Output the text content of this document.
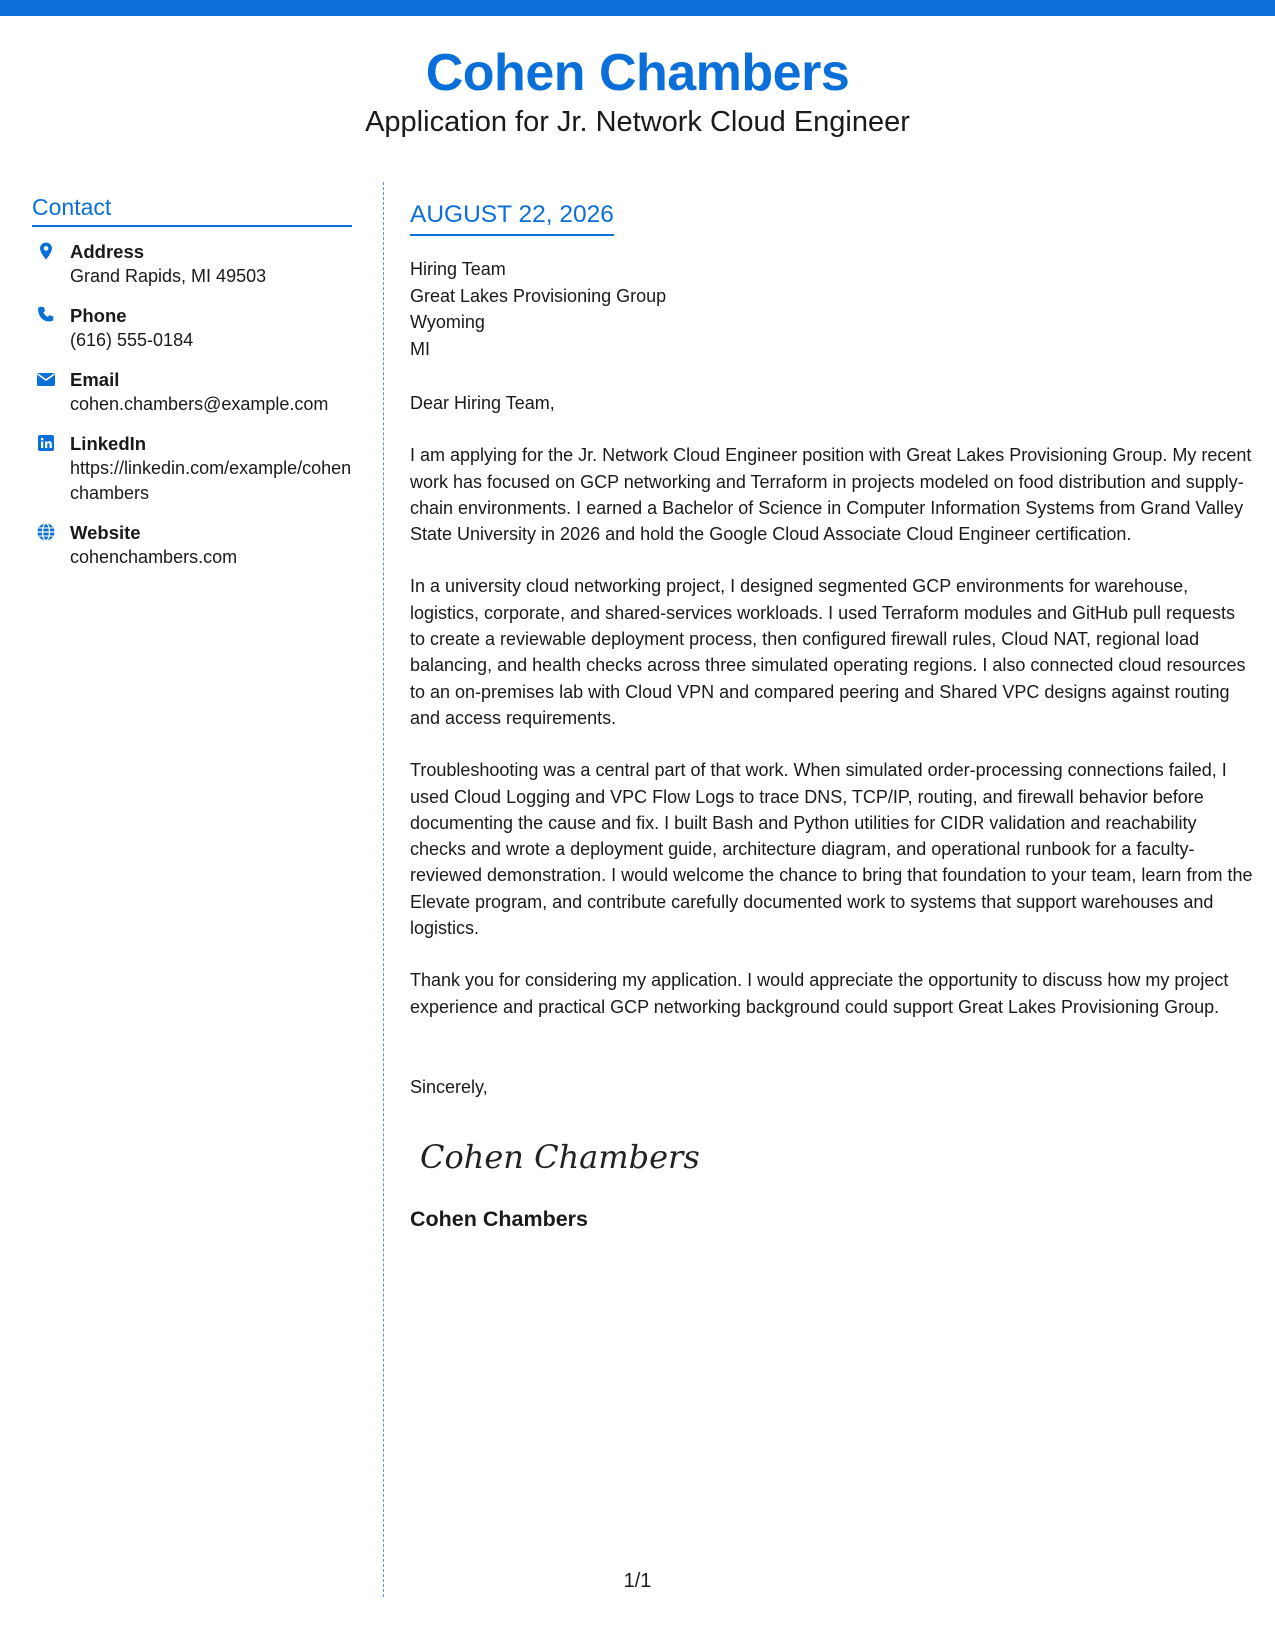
Cohen Chambers
Application for Jr. Network Cloud Engineer
Contact
Address
Grand Rapids, MI 49503
Phone
(616) 555-0184
Email
cohen.chambers@example.com
LinkedIn
https://linkedin.com/example/cohenchambers
Website
cohenchambers.com
AUGUST 22, 2026
Hiring Team
Great Lakes Provisioning Group
Wyoming
MI
Dear Hiring Team,
I am applying for the Jr. Network Cloud Engineer position with Great Lakes Provisioning Group. My recent work has focused on GCP networking and Terraform in projects modeled on food distribution and supply-chain environments. I earned a Bachelor of Science in Computer Information Systems from Grand Valley State University in 2026 and hold the Google Cloud Associate Cloud Engineer certification.
In a university cloud networking project, I designed segmented GCP environments for warehouse, logistics, corporate, and shared-services workloads. I used Terraform modules and GitHub pull requests to create a reviewable deployment process, then configured firewall rules, Cloud NAT, regional load balancing, and health checks across three simulated operating regions. I also connected cloud resources to an on-premises lab with Cloud VPN and compared peering and Shared VPC designs against routing and access requirements.
Troubleshooting was a central part of that work. When simulated order-processing connections failed, I used Cloud Logging and VPC Flow Logs to trace DNS, TCP/IP, routing, and firewall behavior before documenting the cause and fix. I built Bash and Python utilities for CIDR validation and reachability checks and wrote a deployment guide, architecture diagram, and operational runbook for a faculty-reviewed demonstration. I would welcome the chance to bring that foundation to your team, learn from the Elevate program, and contribute carefully documented work to systems that support warehouses and logistics.
Thank you for considering my application. I would appreciate the opportunity to discuss how my project experience and practical GCP networking background could support Great Lakes Provisioning Group.
Sincerely,
Cohen Chambers
Cohen Chambers
1/1
